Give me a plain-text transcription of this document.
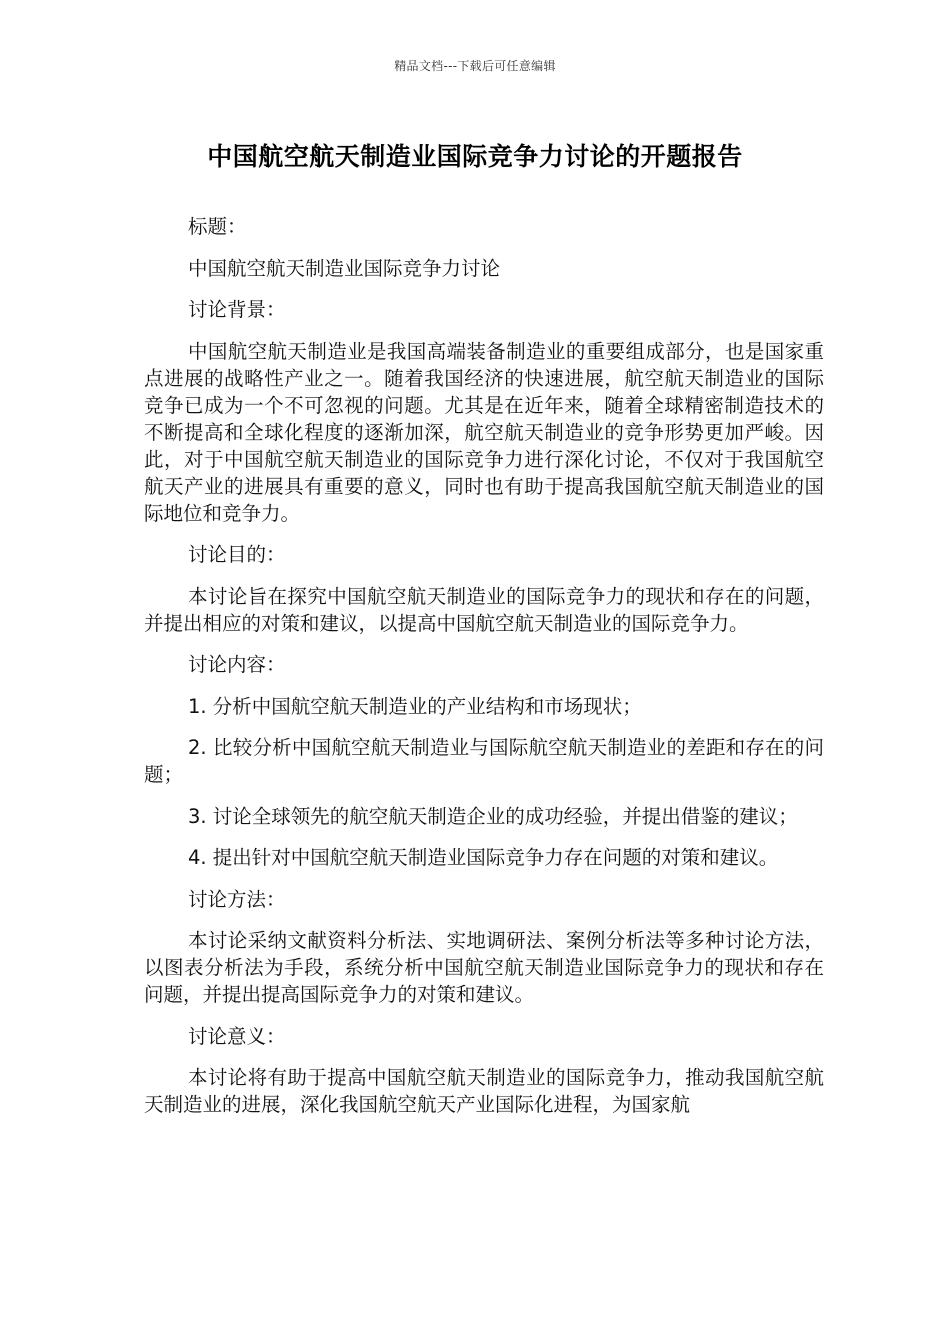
精品文档---下载后可任意编辑
中国航空航天制造业国际竞争力讨论的开题报告

标题：

中国航空航天制造业国际竞争力讨论

讨论背景：

中国航空航天制造业是我国高端装备制造业的重要组成部分，也是国家重点进展的战略性产业之一。随着我国经济的快速进展，航空航天制造业的国际竞争已成为一个不可忽视的问题。尤其是在近年来，随着全球精密制造技术的不断提高和全球化程度的逐渐加深，航空航天制造业的竞争形势更加严峻。因此，对于中国航空航天制造业的国际竞争力进行深化讨论，不仅对于我国航空航天产业的进展具有重要的意义，同时也有助于提高我国航空航天制造业的国际地位和竞争力。

讨论目的：

本讨论旨在探究中国航空航天制造业的国际竞争力的现状和存在的问题，并提出相应的对策和建议，以提高中国航空航天制造业的国际竞争力。

讨论内容：

1. 分析中国航空航天制造业的产业结构和市场现状；

2. 比较分析中国航空航天制造业与国际航空航天制造业的差距和存在的问题；

3. 讨论全球领先的航空航天制造企业的成功经验，并提出借鉴的建议；

4. 提出针对中国航空航天制造业国际竞争力存在问题的对策和建议。

讨论方法：

本讨论采纳文献资料分析法、实地调研法、案例分析法等多种讨论方法，以图表分析法为手段，系统分析中国航空航天制造业国际竞争力的现状和存在问题，并提出提高国际竞争力的对策和建议。

讨论意义：

本讨论将有助于提高中国航空航天制造业的国际竞争力，推动我国航空航天制造业的进展，深化我国航空航天产业国际化进程，为国家航
